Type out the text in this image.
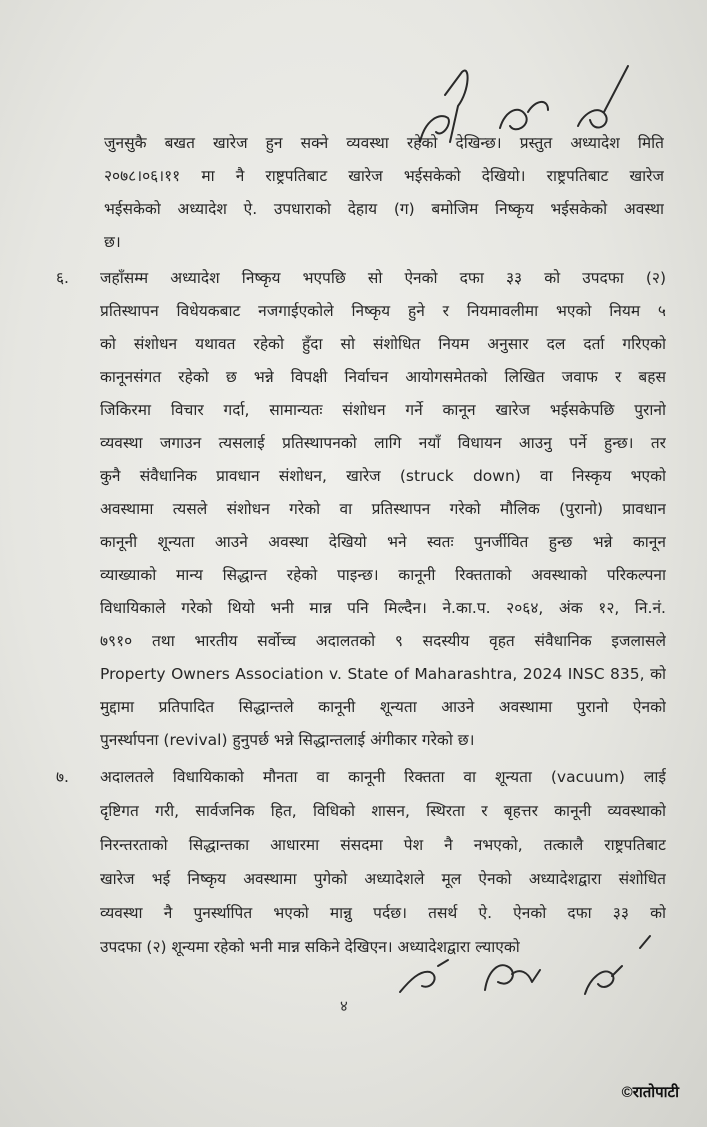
जुनसुकै बखत खारेज हुन सक्ने व्यवस्था रहेको देखिन्छ। प्रस्तुत अध्यादेश मिति
२०७८।०६।११ मा नै राष्ट्रपतिबाट खारेज भईसकेको देखियो। राष्ट्रपतिबाट खारेज
भईसकेको अध्यादेश ऐ. उपधाराको देहाय (ग) बमोजिम निष्कृय भईसकेको अवस्था
छ।
६. जहाँसम्म अध्यादेश निष्कृय भएपछि सो ऐनको दफा ३३ को उपदफा (२)
प्रतिस्थापन विधेयकबाट नजगाईएकोले निष्कृय हुने र नियमावलीमा भएको नियम ५
को संशोधन यथावत रहेको हुँदा सो संशोधित नियम अनुसार दल दर्ता गरिएको
कानूनसंगत रहेको छ भन्ने विपक्षी निर्वाचन आयोगसमेतको लिखित जवाफ र बहस
जिकिरमा विचार गर्दा, सामान्यतः संशोधन गर्ने कानून खारेज भईसकेपछि पुरानो
व्यवस्था जगाउन त्यसलाई प्रतिस्थापनको लागि नयाँ विधायन आउनु पर्ने हुन्छ। तर
कुनै संवैधानिक प्रावधान संशोधन, खारेज (struck down) वा निस्कृय भएको
अवस्थामा त्यसले संशोधन गरेको वा प्रतिस्थापन गरेको मौलिक (पुरानो) प्रावधान
कानूनी शून्यता आउने अवस्था देखियो भने स्वतः पुनर्जीवित हुन्छ भन्ने कानून
व्याख्याको मान्य सिद्धान्त रहेको पाइन्छ। कानूनी रिक्तताको अवस्थाको परिकल्पना
विधायिकाले गरेको थियो भनी मान्न पनि मिल्दैन। ने.का.प. २०६४, अंक १२, नि.नं.
७९१० तथा भारतीय सर्वोच्च अदालतको ९ सदस्यीय वृहत संवैधानिक इजलासले
Property Owners Association v. State of Maharashtra, 2024 INSC 835, को
मुद्दामा प्रतिपादित सिद्धान्तले कानूनी शून्यता आउने अवस्थामा पुरानो ऐनको
पुनर्स्थापना (revival) हुनुपर्छ भन्ने सिद्धान्तलाई अंगीकार गरेको छ।
७. अदालतले विधायिकाको मौनता वा कानूनी रिक्तता वा शून्यता (vacuum) लाई
दृष्टिगत गरी, सार्वजनिक हित, विधिको शासन, स्थिरता र बृहत्तर कानूनी व्यवस्थाको
निरन्तरताको सिद्धान्तका आधारमा संसदमा पेश नै नभएको, तत्कालै राष्ट्रपतिबाट
खारेज भई निष्कृय अवस्थामा पुगेको अध्यादेशले मूल ऐनको अध्यादेशद्वारा संशोधित
व्यवस्था नै पुनर्स्थापित भएको मान्नु पर्दछ। तसर्थ ऐ. ऐनको दफा ३३ को
उपदफा (२) शून्यमा रहेको भनी मान्न सकिने देखिएन। अध्यादेशद्वारा ल्याएको
४
©रातोपाटी
